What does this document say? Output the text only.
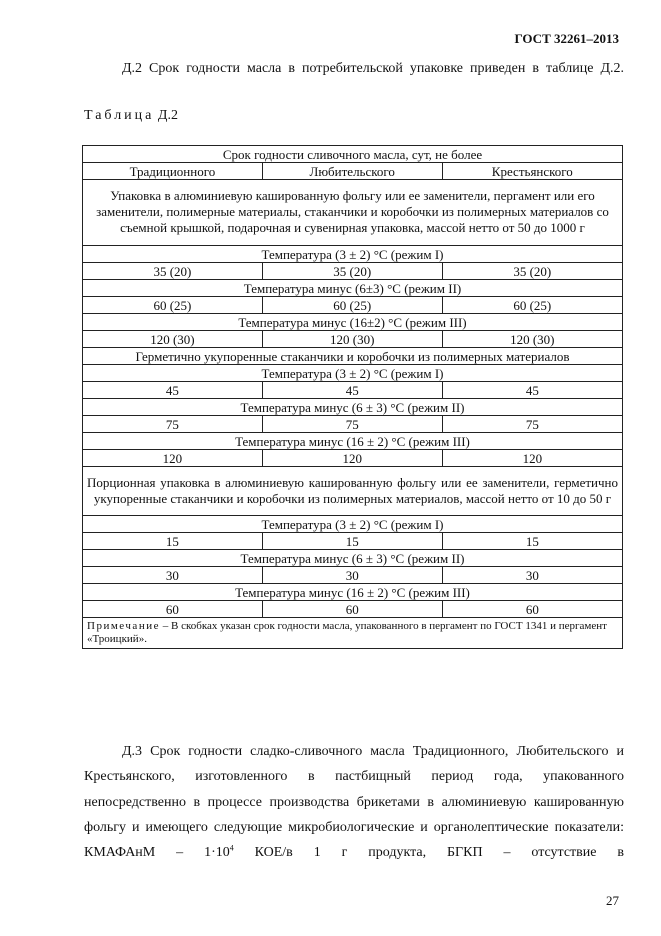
ГОСТ 32261–2013

Д.2 Срок годности масла в потребительской упаковке приведен в таблице Д.2.

Таблица Д.2
Срок годности сливочного масла, сут, не более		
Традиционного	Любительского	Крестьянского
Упаковка в алюминиевую кашированную фольгу или ее заменители, пергамент или его заменители, полимерные материалы, стаканчики и коробочки из полимерных материалов со съемной крышкой, подарочная и сувенирная упаковка, массой нетто от 50 до 1000 г		
Температура (3 ± 2) °С (режим I)		
35 (20)	35 (20)	35 (20)
Температура минус (6±3) °С (режим II)		
60 (25)	60 (25)	60 (25)
Температура минус (16±2) °С (режим III)		
120 (30)	120 (30)	120 (30)
Герметично укупоренные стаканчики и коробочки из полимерных материалов		
Температура (3 ± 2) °С (режим I)		
45	45	45
Температура минус (6 ± 3) °С (режим II)		
75	75	75
Температура минус (16 ± 2) °С (режим III)		
120	120	120
Порционная упаковка в алюминиевую кашированную фольгу или ее заменители, герметично укупоренные стаканчики и коробочки из полимерных материалов, массой нетто от 10 до 50 г		
Температура (3 ± 2) °С (режим I)		
15	15	15
Температура минус (6 ± 3) °С (режим II)		
30	30	30
Температура минус (16 ± 2) °С (режим III)		
60	60	60
Примечание – В скобках указан срок годности масла, упакованного в пергамент по ГОСТ 1341 и пергамент «Троицкий».		

Д.3 Срок годности сладко-сливочного масла Традиционного, Любительского и Крестьянского, изготовленного в пастбищный период года, упакованного непосредственно в процессе производства брикетами в алюминиевую кашированную фольгу и имеющего следующие микробиологические и органолептические показатели: КМАФАнМ – $1\cdot 10^4$ КОЕ/в 1 г продукта, БГКП – отсутствие в

27
